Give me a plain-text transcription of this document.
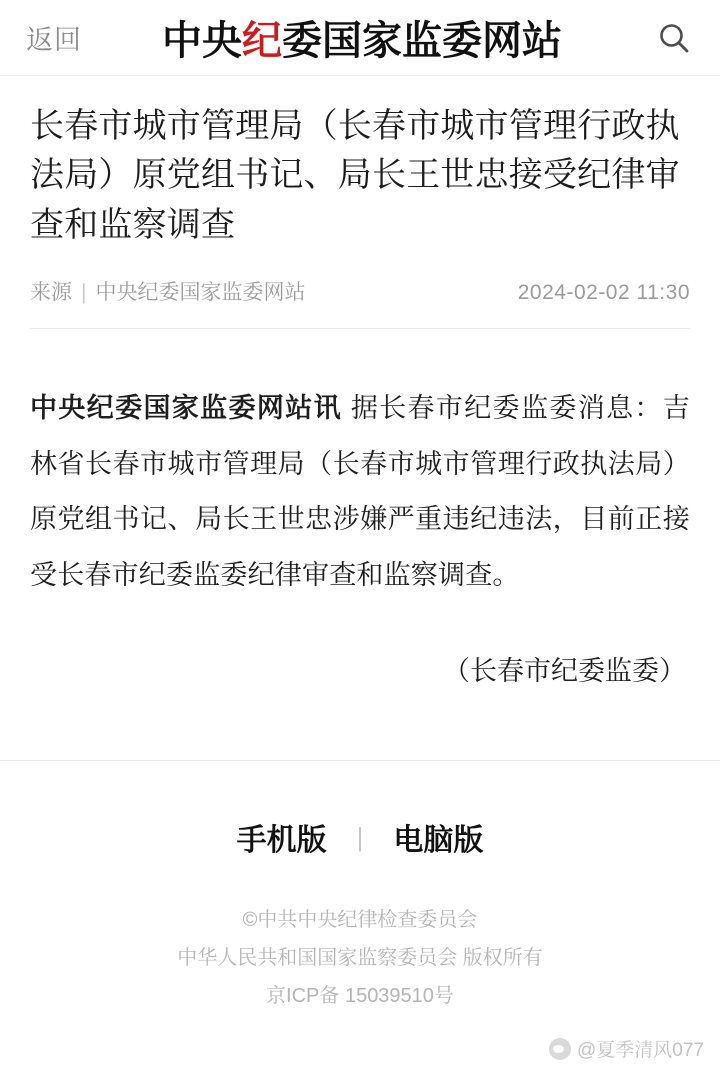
返回	中央纪委国家监委网站
长春市城市管理局（长春市城市管理行政执法局）原党组书记、局长王世忠接受纪律审查和监察调查
来源 | 中央纪委国家监委网站	2024-02-02 11:30
中央纪委国家监委网站讯 据长春市纪委监委消息：吉林省长春市城市管理局（长春市城市管理行政执法局）原党组书记、局长王世忠涉嫌严重违纪违法，目前正接受长春市纪委监委纪律审查和监察调查。
（长春市纪委监委）
手机版 | 电脑版
©中共中央纪律检查委员会
中华人民共和国国家监察委员会 版权所有
京ICP备 15039510号
@夏季清风077
